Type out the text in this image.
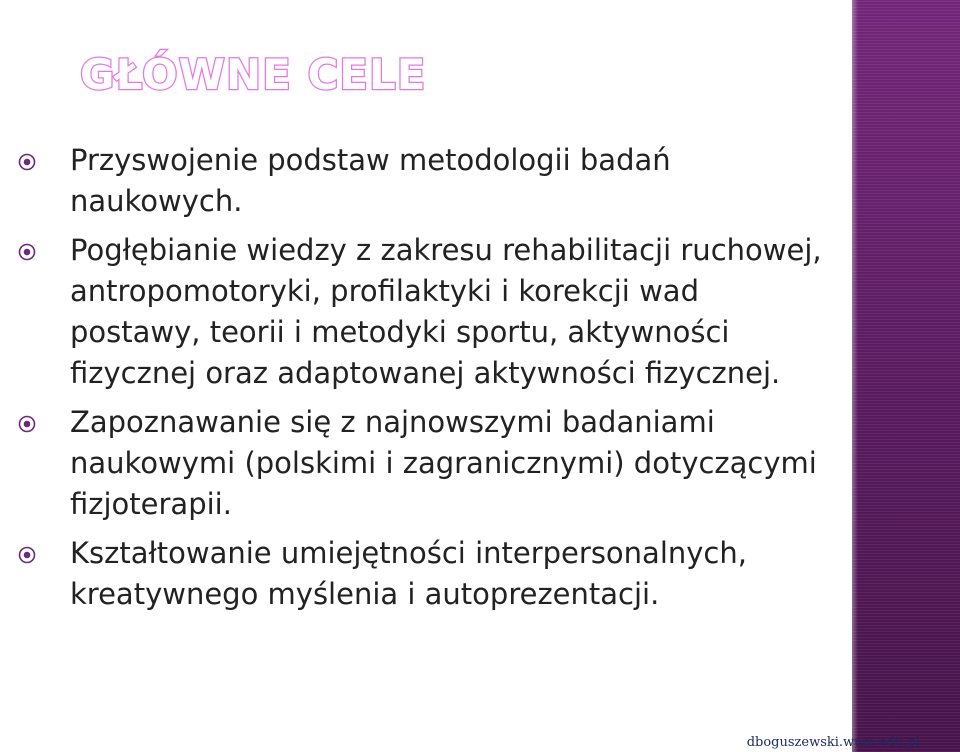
GŁÓWNE CELE
Przyswojenie podstaw metodologii badań naukowych.
Pogłębianie wiedzy z zakresu rehabilitacji ruchowej, antropomotoryki, profilaktyki i korekcji wad postawy, teorii i metodyki sportu, aktywności fizycznej oraz adaptowanej aktywności fizycznej.
Zapoznawanie się z najnowszymi badaniami naukowymi (polskimi i zagranicznymi) dotyczącymi fizjoterapii.
Kształtowanie umiejętności interpersonalnych, kreatywnego myślenia i autoprezentacji.
dboguszewski.wum.edu.pl
